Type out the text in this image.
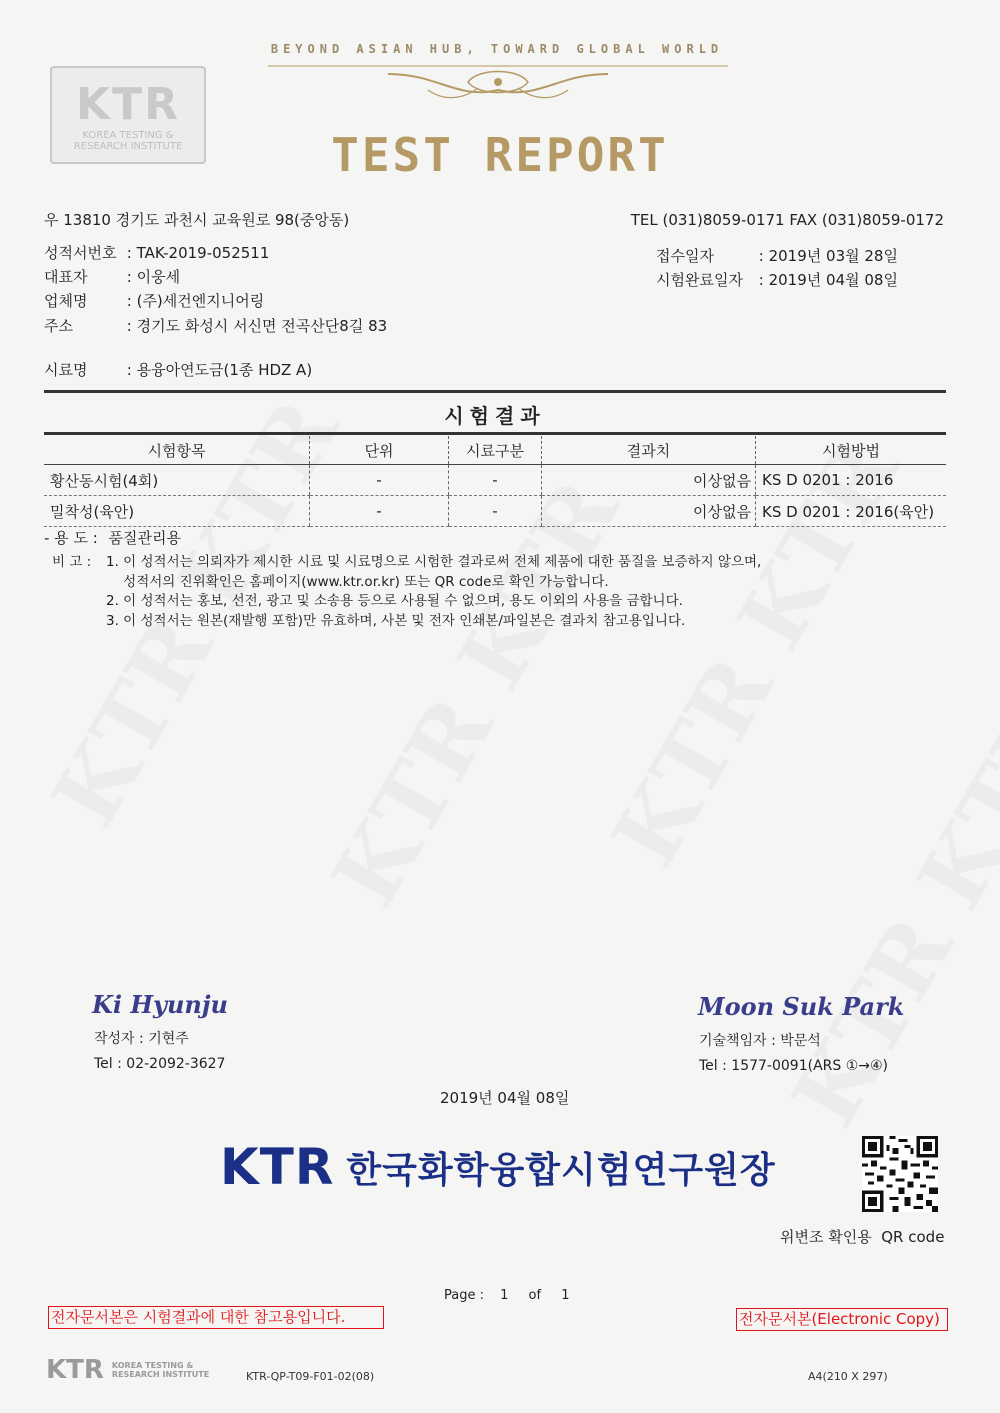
KTR
KOREA TESTING &
RESEARCH INSTITUTE
BEYOND ASIAN HUB, TOWARD GLOBAL WORLD
TEST REPORT
우 13810 경기도 과천시 교육원로 98(중앙동)	TEL (031)8059-0171 FAX (031)8059-0172
성적서번호 : TAK-2019-052511
대표자 : 이웅세
업체명 : (주)세건엔지니어링
주소	: 경기도 화성시 서신면 전곡산단8길 83
접수일자	: 2019년 03월 28일
시험완료일자 : 2019년 04월 08일
시료명 : 용융아연도금(1종 HDZ A)
시험결과
시험항목	단위	시료구분	결과치	시험방법
황산동시험(4회)	-	-	이상없음	KS D 0201 : 2016
밀착성(육안)	-	-	이상없음	KS D 0201 : 2016(육안)
- 용 도 : 품질관리용
비 고 :	1. 이 성적서는 의뢰자가 제시한 시료 및 시료명으로 시험한 결과로써 전체 제품에 대한 품질을 보증하지 않으며,
성적서의 진위확인은 홈페이지(www.ktr.or.kr) 또는 QR code로 확인 가능합니다.
2. 이 성적서는 홍보, 선전, 광고 및 소송용 등으로 사용될 수 없으며, 용도 이외의 사용을 금합니다.
3. 이 성적서는 원본(재발행 포함)만 유효하며, 사본 및 전자 인쇄본/파일본은 결과치 참고용입니다.
Ki Hyunju
작성자 : 기현주
Tel : 02-2092-3627
Moon Suk Park
기술책임자 : 박문석
Tel : 1577-0091(ARS ①→④)
2019년 04월 08일
KTR 한국화학융합시험연구원장
위변조 확인용  QR code
Page : 1 of 1
전자문서본은 시험결과에 대한 참고용입니다.	전자문서본(Electronic Copy)
KTR KOREA TESTING &
RESEARCH INSTITUTE	KTR-QP-T09-F01-02(08)	A4(210 X 297)
